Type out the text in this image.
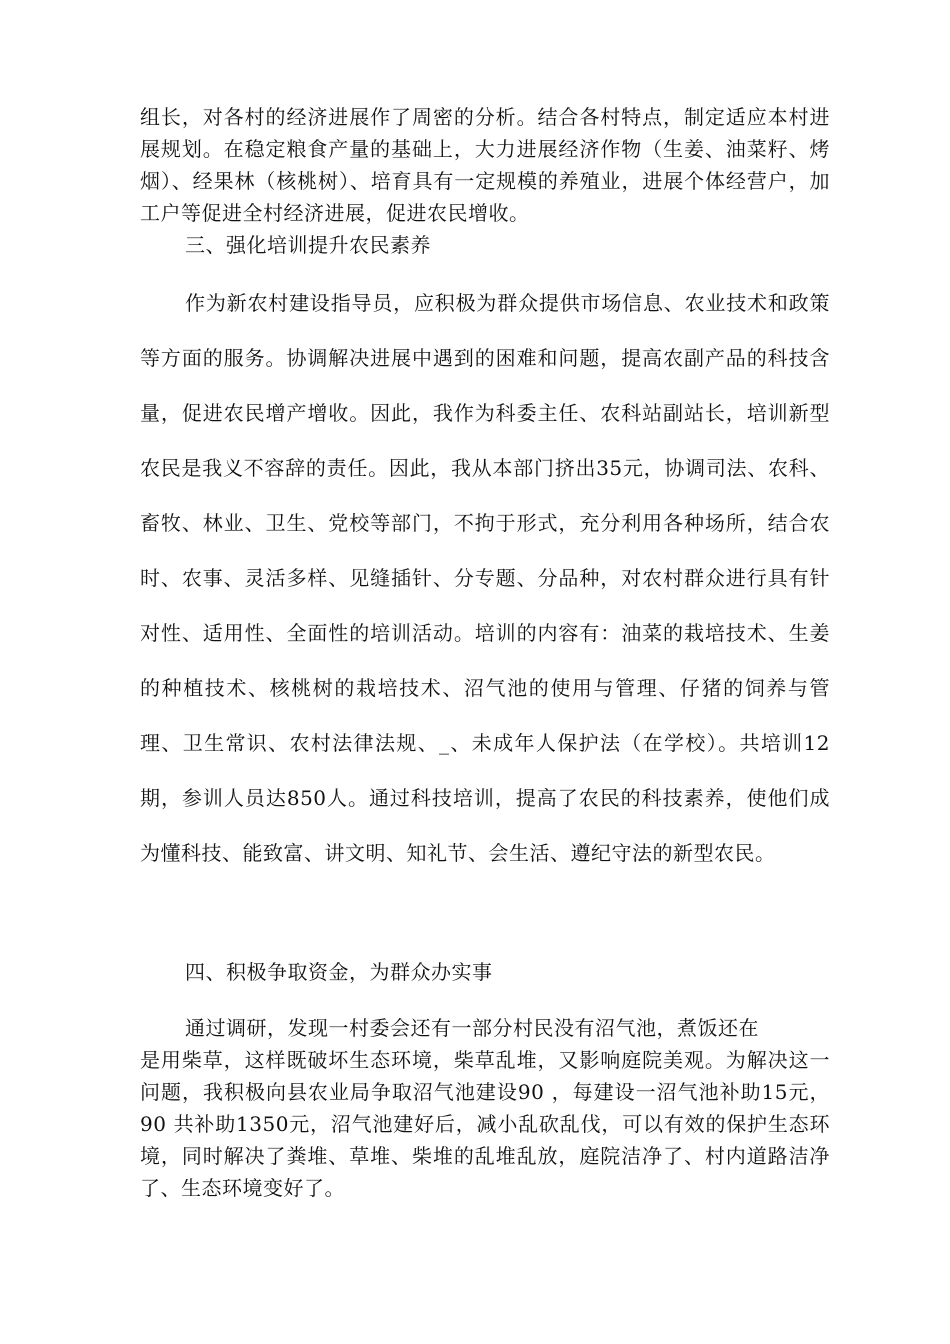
组长，对各村的经济进展作了周密的分析。结合各村特点，制定适应本村进展规划。在稳定粮食产量的基础上，大力进展经济作物（生姜、油菜籽、烤烟）、经果林（核桃树）、培育具有一定规模的养殖业，进展个体经营户，加工户等促进全村经济进展，促进农民增收。

三、强化培训提升农民素养

作为新农村建设指导员，应积极为群众提供市场信息、农业技术和政策等方面的服务。协调解决进展中遇到的困难和问题，提高农副产品的科技含量，促进农民增产增收。因此，我作为科委主任、农科站副站长，培训新型农民是我义不容辞的责任。因此，我从本部门挤出35元，协调司法、农科、畜牧、林业、卫生、党校等部门，不拘于形式，充分利用各种场所，结合农时、农事、灵活多样、见缝插针、分专题、分品种，对农村群众进行具有针对性、适用性、全面性的培训活动。培训的内容有：油菜的栽培技术、生姜的种植技术、核桃树的栽培技术、沼气池的使用与管理、仔猪的饲养与管理、卫生常识、农村法律法规、_、未成年人保护法（在学校）。共培训12期，参训人员达850人。通过科技培训，提高了农民的科技素养，使他们成为懂科技、能致富、讲文明、知礼节、会生活、遵纪守法的新型农民。

四、积极争取资金，为群众办实事

通过调研，发现一村委会还有一部分村民没有沼气池，煮饭还在

是用柴草，这样既破坏生态环境，柴草乱堆，又影响庭院美观。为解决这一问题，我积极向县农业局争取沼气池建设90 ，每建设一沼气池补助15元，90 共补助1350元，沼气池建好后，减小乱砍乱伐，可以有效的保护生态环境，同时解决了粪堆、草堆、柴堆的乱堆乱放，庭院洁净了、村内道路洁净了、生态环境变好了。
